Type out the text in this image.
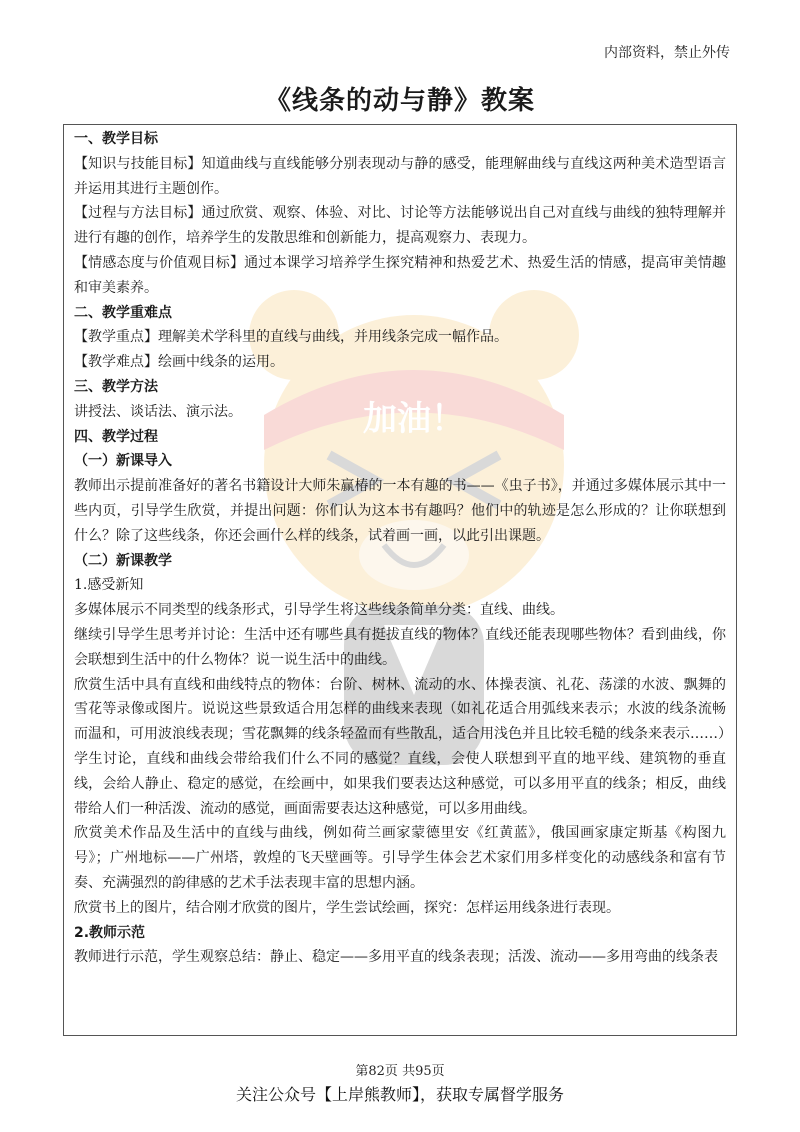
内部资料，禁止外传
《线条的动与静》教案
加油！

一、教学目标

【知识与技能目标】知道曲线与直线能够分别表现动与静的感受，能理解曲线与直线这两种美术造型语言并运用其进行主题创作。

【过程与方法目标】通过欣赏、观察、体验、对比、讨论等方法能够说出自己对直线与曲线的独特理解并进行有趣的创作，培养学生的发散思维和创新能力，提高观察力、表现力。

【情感态度与价值观目标】通过本课学习培养学生探究精神和热爱艺术、热爱生活的情感，提高审美情趣和审美素养。

二、教学重难点

【教学重点】理解美术学科里的直线与曲线，并用线条完成一幅作品。

【教学难点】绘画中线条的运用。

三、教学方法

讲授法、谈话法、演示法。

四、教学过程

（一）新课导入

教师出示提前准备好的著名书籍设计大师朱赢椿的一本有趣的书——《虫子书》，并通过多媒体展示其中一些内页，引导学生欣赏，并提出问题：你们认为这本书有趣吗？他们中的轨迹是怎么形成的？让你联想到什么？除了这些线条，你还会画什么样的线条，试着画一画，以此引出课题。

（二）新课教学

1.感受新知

多媒体展示不同类型的线条形式，引导学生将这些线条简单分类：直线、曲线。

继续引导学生思考并讨论：生活中还有哪些具有挺拔直线的物体？直线还能表现哪些物体？看到曲线，你会联想到生活中的什么物体？说一说生活中的曲线。

欣赏生活中具有直线和曲线特点的物体：台阶、树林、流动的水、体操表演、礼花、荡漾的水波、飘舞的雪花等录像或图片。说说这些景致适合用怎样的曲线来表现（如礼花适合用弧线来表示；水波的线条流畅而温和，可用波浪线表现；雪花飘舞的线条轻盈而有些散乱，适合用浅色并且比较毛糙的线条来表示……）

学生讨论，直线和曲线会带给我们什么不同的感觉？直线，会使人联想到平直的地平线、建筑物的垂直线，会给人静止、稳定的感觉，在绘画中，如果我们要表达这种感觉，可以多用平直的线条；相反，曲线带给人们一种活泼、流动的感觉，画面需要表达这种感觉，可以多用曲线。

欣赏美术作品及生活中的直线与曲线，例如荷兰画家蒙德里安《红黄蓝》，俄国画家康定斯基《构图九号》；广州地标——广州塔，敦煌的飞天壁画等。引导学生体会艺术家们用多样变化的动感线条和富有节奏、充满强烈的韵律感的艺术手法表现丰富的思想内涵。

欣赏书上的图片，结合刚才欣赏的图片，学生尝试绘画，探究：怎样运用线条进行表现。

2.教师示范

教师进行示范，学生观察总结：静止、稳定——多用平直的线条表现；活泼、流动——多用弯曲的线条表

第82页 共95页
关注公众号【上岸熊教师】，获取专属督学服务
